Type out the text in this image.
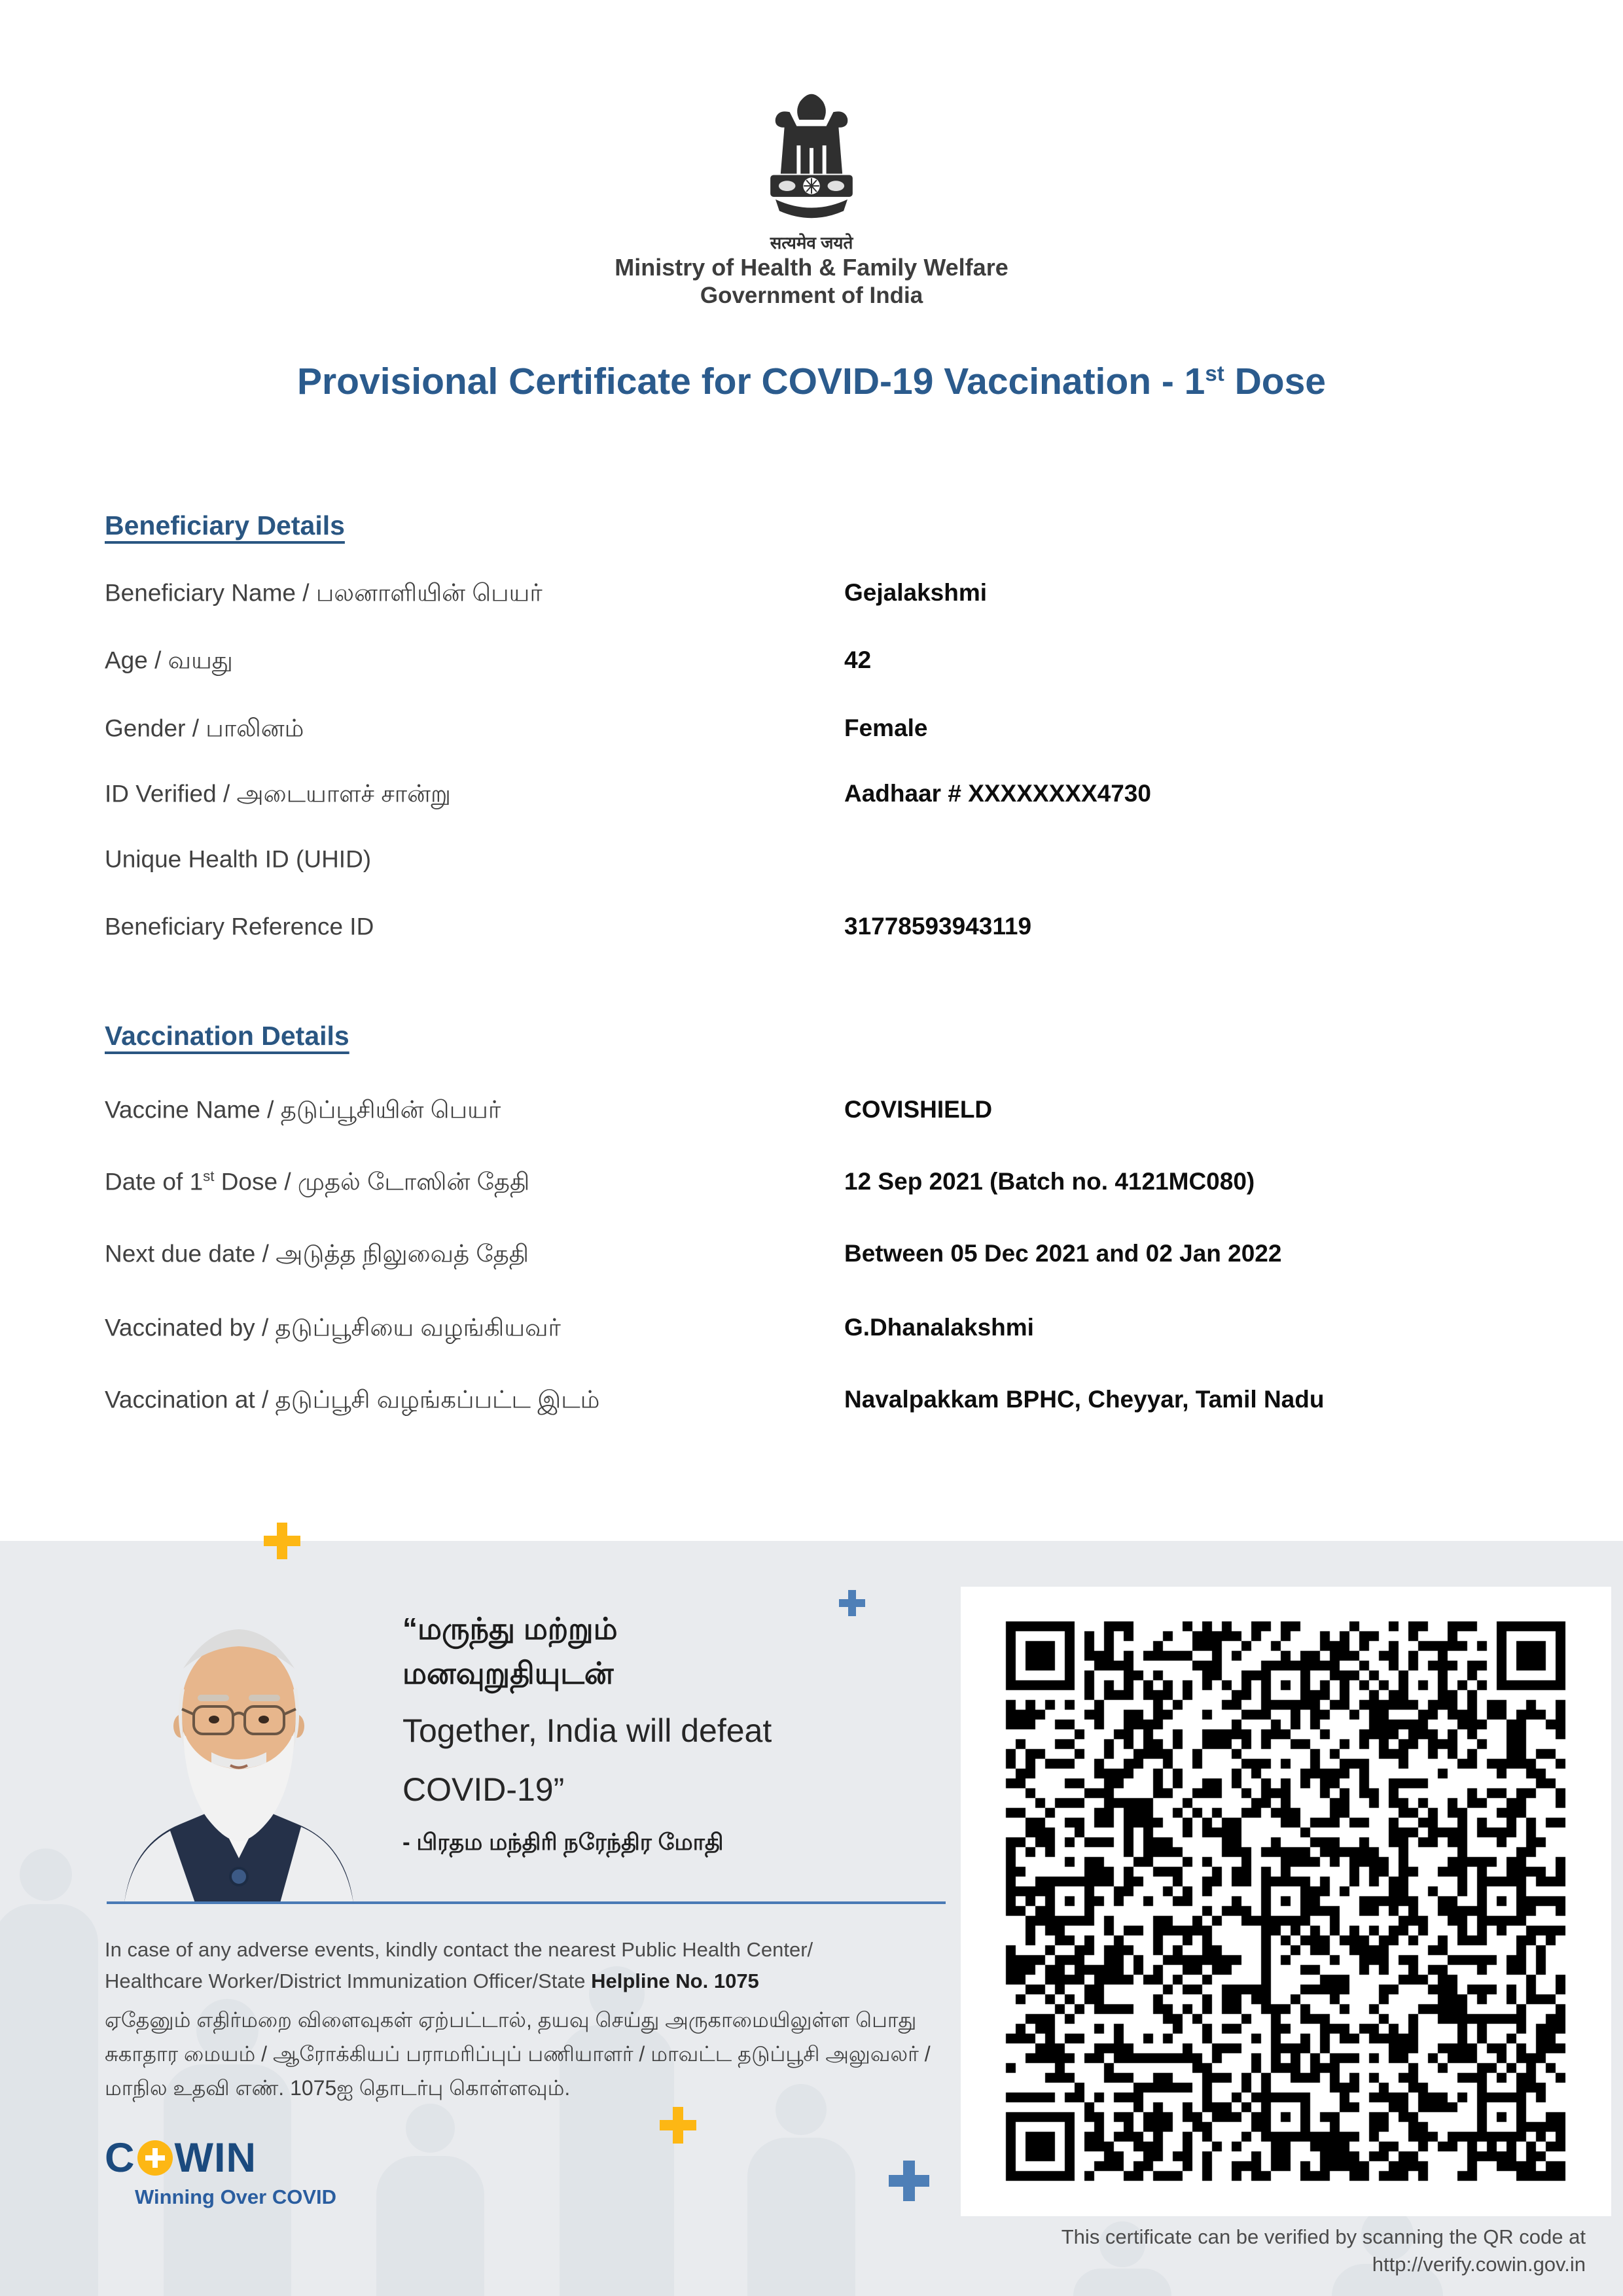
सत्यमेव जयते
Ministry of Health & Family Welfare
Government of India
Provisional Certificate for COVID-19 Vaccination - 1st Dose
Beneficiary Details
Beneficiary Name / பலனாளியின் பெயர்	Gejalakshmi
Age / வயது	42
Gender / பாலினம்	Female
ID Verified / அடையாளச் சான்று	Aadhaar # XXXXXXXX4730
Unique Health ID (UHID)
Beneficiary Reference ID	31778593943119
Vaccination Details
Vaccine Name / தடுப்பூசியின் பெயர்	COVISHIELD
Date of 1st Dose / முதல் டோஸின் தேதி	12 Sep 2021 (Batch no. 4121MC080)
Next due date / அடுத்த நிலுவைத் தேதி	Between 05 Dec 2021 and 02 Jan 2022
Vaccinated by / தடுப்பூசியை வழங்கியவர்	G.Dhanalakshmi
Vaccination at / தடுப்பூசி வழங்கப்பட்ட இடம்	Navalpakkam BPHC, Cheyyar, Tamil Nadu
“மருந்து மற்றும்
மனவுறுதியுடன்
Together, India will defeat
COVID-19”
- பிரதம மந்திரி நரேந்திர மோதி
In case of any adverse events, kindly contact the nearest Public Health Center/
Healthcare Worker/District Immunization Officer/State Helpline No. 1075
ஏதேனும் எதிர்மறை விளைவுகள் ஏற்பட்டால், தயவு செய்து அருகாமையிலுள்ள பொது
சுகாதார மையம் / ஆரோக்கியப் பராமரிப்புப் பணியாளர் / மாவட்ட தடுப்பூசி அலுவலர் /
மாநில உதவி எண். 1075ஐ தொடர்பு கொள்ளவும்.
C WIN
Winning Over COVID
This certificate can be verified by scanning the QR code at
http://verify.cowin.gov.in
